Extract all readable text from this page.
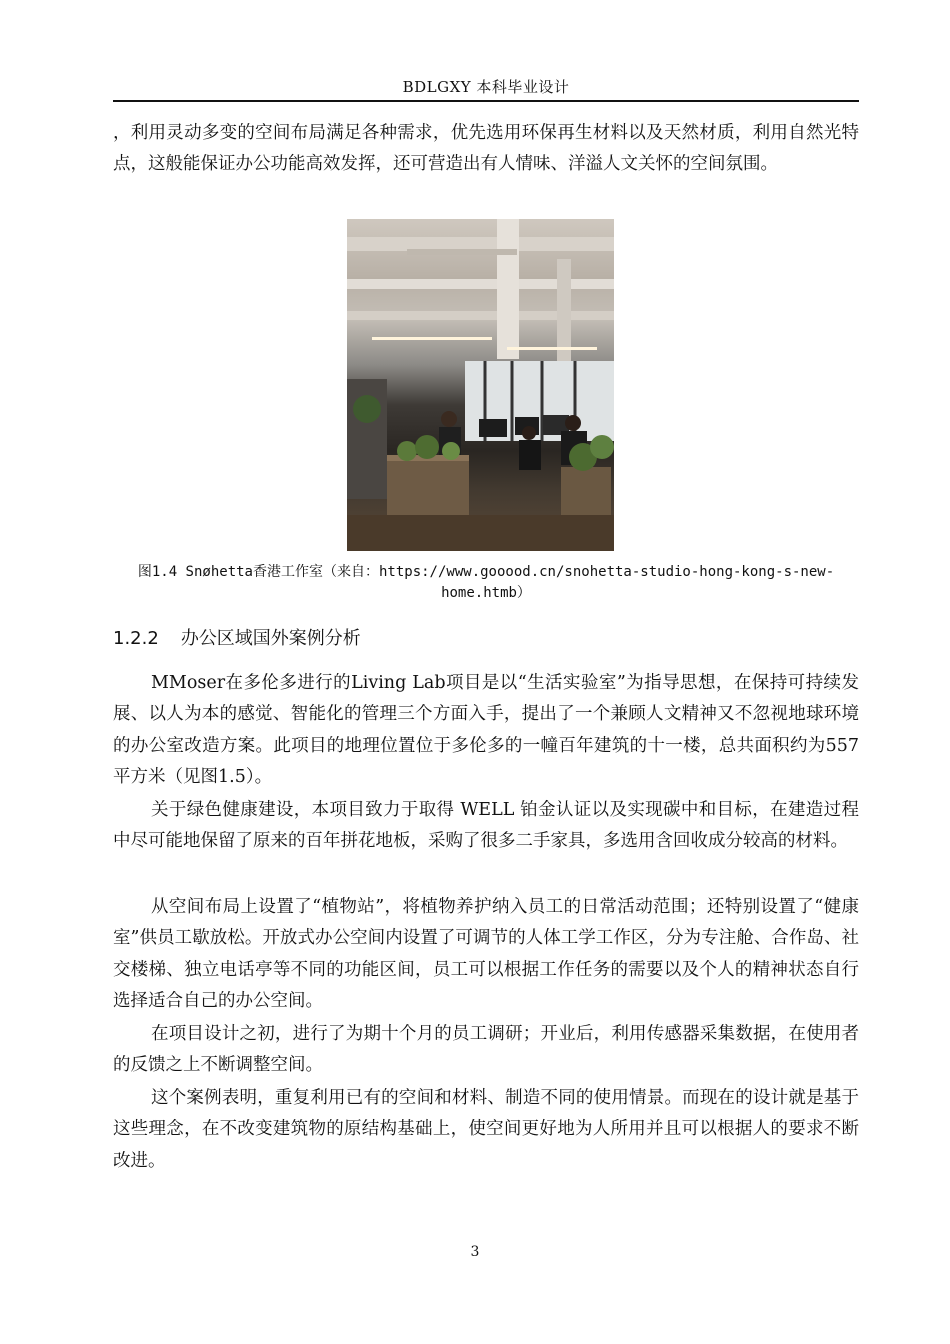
BDLGXY 本科毕业设计

，利用灵动多变的空间布局满足各种需求，优先选用环保再生材料以及天然材质，利用自然光特点，这般能保证办公功能高效发挥，还可营造出有人情味、洋溢人文关怀的空间氛围。

图1.4 Snøhetta香港工作室（来自：https://www.gooood.cn/snohetta-studio-hong-kong-s-new-home.htmb）
1.2.2 办公区域国外案例分析

MMoser在多伦多进行的Living Lab项目是以“生活实验室”为指导思想，在保持可持续发展、以人为本的感觉、智能化的管理三个方面入手，提出了一个兼顾人文精神又不忽视地球环境的办公室改造方案。此项目的地理位置位于多伦多的一幢百年建筑的十一楼，总共面积约为557平方米（见图1.5）。

关于绿色健康建设，本项目致力于取得 WELL 铂金认证以及实现碳中和目标，在建造过程中尽可能地保留了原来的百年拼花地板，采购了很多二手家具，多选用含回收成分较高的材料。

从空间布局上设置了“植物站”，将植物养护纳入员工的日常活动范围；还特别设置了“健康室”供员工歇放松。开放式办公空间内设置了可调节的人体工学工作区，分为专注舱、合作岛、社交楼梯、独立电话亭等不同的功能区间，员工可以根据工作任务的需要以及个人的精神状态自行选择适合自己的办公空间。

在项目设计之初，进行了为期十个月的员工调研；开业后，利用传感器采集数据，在使用者的反馈之上不断调整空间。

这个案例表明，重复利用已有的空间和材料、制造不同的使用情景。而现在的设计就是基于这些理念，在不改变建筑物的原结构基础上，使空间更好地为人所用并且可以根据人的要求不断改进。

3
